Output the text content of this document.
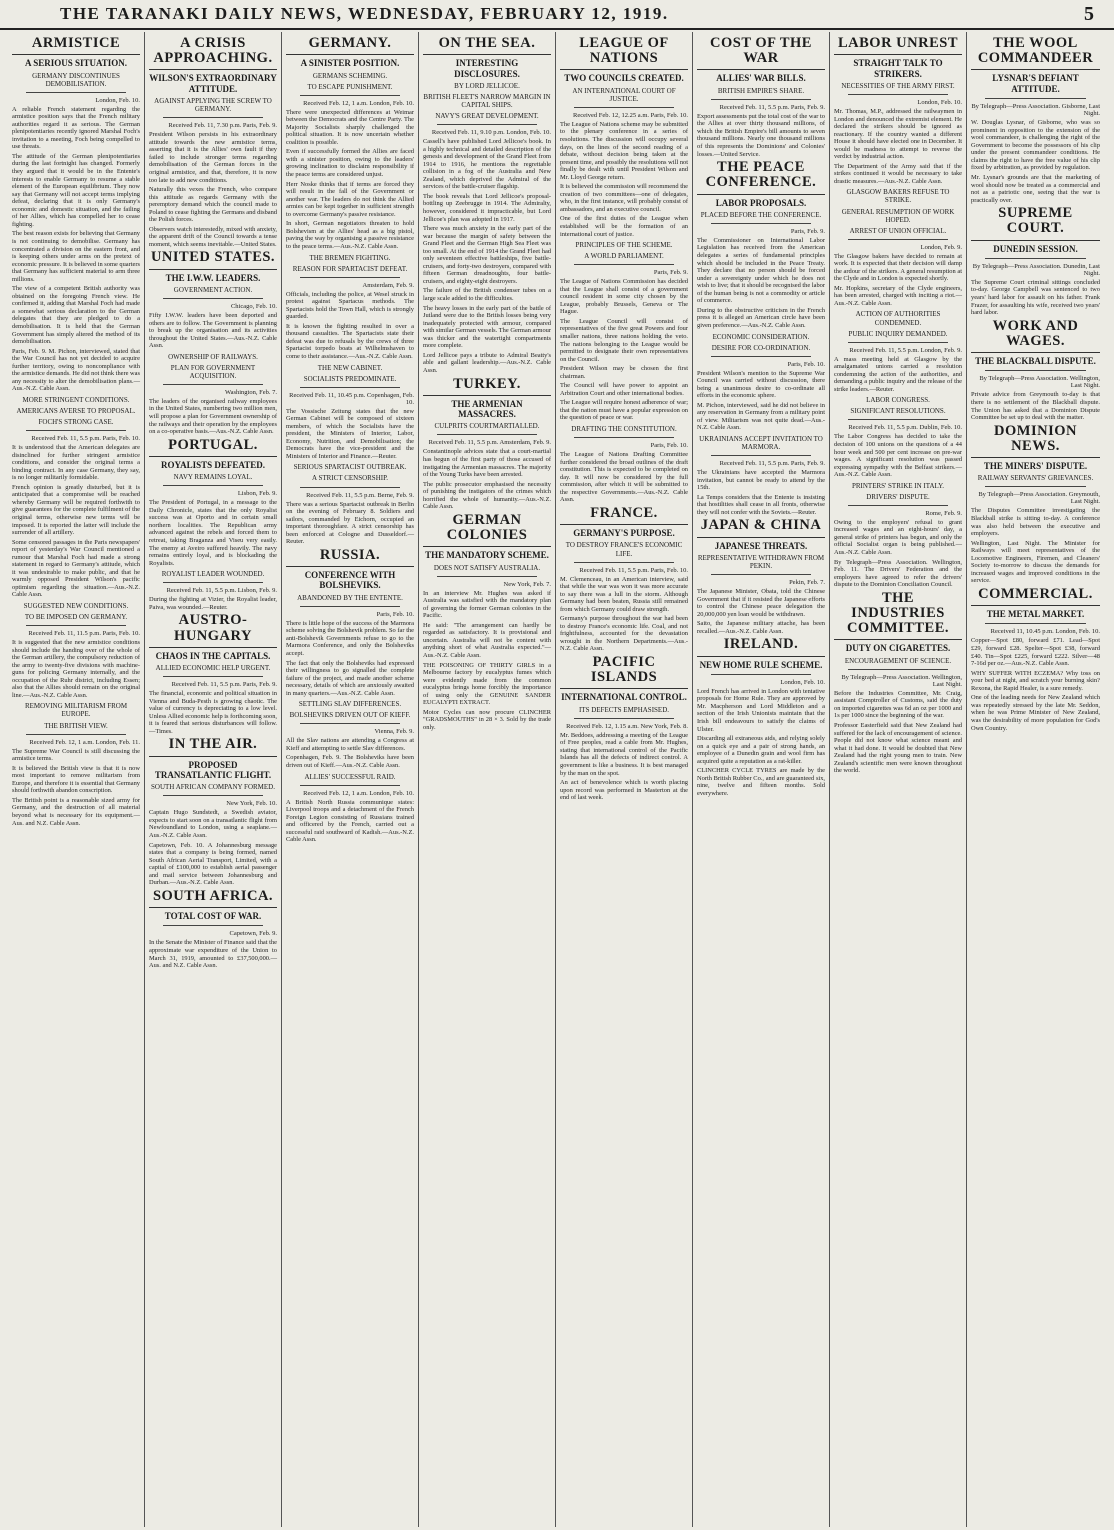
THE TARANAKI DAILY NEWS, WEDNESDAY, FEBRUARY 12, 1919.	5
ARMISTICE
A SERIOUS SITUATION.
GERMANY DISCONTINUES DEMOBILISATION.
London, Feb. 10.

A reliable French statement regarding the armistice position says that the French military authorities regard it as serious. The German plenipotentiaries recently ignored Marshal Foch's invitation to a meeting, Foch being compelled to use threats.

The attitude of the German plenipotentiaries during the last fortnight has changed. Formerly they argued that it would be in the Entente's interests to enable Germany to resume a stable element of the European equilibrium. They now say that Germany will not accept terms implying defeat, declaring that it is only Germany's economic and domestic situation, and the failing of her Allies, which has compelled her to cease fighting.

The best reason exists for believing that Germany is not continuing to demobilise. Germany has concentrated a division on the eastern front, and is keeping others under arms on the pretext of economic pressure. It is believed in some quarters that Germany has sufficient material to arm three millions.

The view of a competent British authority was obtained on the foregoing French view. He confirmed it, adding that Marshal Foch had made a somewhat serious declaration to the German delegates that they are pledged to do a demobilisation. It is held that the German Government has simply altered the method of its demobilisation.

Paris, Feb. 9. M. Pichon, interviewed, stated that the War Council has not yet decided to acquire further territory, owing to noncompliance with the armistice demands. He did not think there was any necessity to alter the demobilisation plans.—Aus.-N.Z. Cable Assn.

MORE STRINGENT CONDITIONS.
AMERICANS AVERSE TO PROPOSAL.
FOCH'S STRONG CASE.
Received Feb. 11, 5.5 p.m. Paris, Feb. 10.

It is understood that the American delegates are disinclined for further stringent armistice conditions, and consider the original terms a binding contract. In any case Germany, they say, is no longer militarily formidable.

French opinion is greatly disturbed, but it is anticipated that a compromise will be reached whereby Germany will be required forthwith to give guarantees for the complete fulfilment of the original terms, otherwise new terms will be imposed. It is reported the latter will include the surrender of all artillery.

Some censored passages in the Paris newspapers' report of yesterday's War Council mentioned a rumour that Marshal Foch had made a strong statement in regard to Germany's attitude, which it was undesirable to make public, and that he warmly opposed President Wilson's pacific optimism regarding the situation.—Aus.-N.Z. Cable Assn.

SUGGESTED NEW CONDITIONS.
TO BE IMPOSED ON GERMANY.
Received Feb. 11, 11.5 p.m. Paris, Feb. 10.

It is suggested that the new armistice conditions should include the handing over of the whole of the German artillery, the compulsory reduction of the army to twenty-five divisions with machine-guns for policing Germany internally, and the occupation of the Ruhr district, including Essen; also that the Allies should remain on the original line.—Aus.-N.Z. Cable Assn.

REMOVING MILITARISM FROM EUROPE.
THE BRITISH VIEW.
Received Feb. 12, 1 a.m. London, Feb. 11.

The Supreme War Council is still discussing the armistice terms.

It is believed the British view is that it is now most important to remove militarism from Europe, and therefore it is essential that Germany should forthwith abandon conscription.

The British point is a reasonable sized army for Germany, and the destruction of all material beyond what is necessary for its equipment.—Aus. and N.Z. Cable Assn.

A CRISIS APPROACHING.
WILSON'S EXTRAORDINARY ATTITUDE.
AGAINST APPLYING THE SCREW TO GERMANY.
Received Feb. 11, 7.30 p.m. Paris, Feb. 9.

President Wilson persists in his extraordinary attitude towards the new armistice terms, asserting that it is the Allies' own fault if they failed to include stronger terms regarding demobilisation of the German forces in the original armistice, and that, therefore, it is now too late to add new conditions.

Naturally this vexes the French, who compare this attitude as regards Germany with the peremptory demand which the council made to Poland to cease fighting the Germans and disband the Polish forces.

Observers watch interestedly, mixed with anxiety, the apparent drift of the Council towards a tense moment, which seems inevitable.—United States.

UNITED STATES.
THE I.W.W. LEADERS.
GOVERNMENT ACTION.
Chicago, Feb. 10.

Fifty I.W.W. leaders have been deported and others are to follow. The Government is planning to break up the organisation and its activities throughout the United States.—Aus.-N.Z. Cable Assn.

OWNERSHIP OF RAILWAYS.
PLAN FOR GOVERNMENT ACQUISITION.
Washington, Feb. 7.

The leaders of the organised railway employees in the United States, numbering two million men, will propose a plan for Government ownership of the railways and their operation by the employees on a co-operative basis.—Aus.-N.Z. Cable Assn.

PORTUGAL.
ROYALISTS DEFEATED.
NAVY REMAINS LOYAL.
Lisbon, Feb. 9.

The President of Portugal, in a message to the Daily Chronicle, states that the only Royalist success was at Oporto and in certain small northern localities. The Republican army advanced against the rebels and forced them to retreat, taking Braganza and Viseu very easily. The enemy at Aveiro suffered heavily. The navy remains entirely loyal, and is blockading the Royalists.

ROYALIST LEADER WOUNDED.
Received Feb. 11, 5.5 p.m. Lisbon, Feb. 9.

During the fighting at Vizier, the Royalist leader, Paiva, was wounded.—Reuter.

AUSTRO-HUNGARY
CHAOS IN THE CAPITALS.
ALLIED ECONOMIC HELP URGENT.
Received Feb. 11, 5.5 p.m. Paris, Feb. 9.

The financial, economic and political situation in Vienna and Buda-Pesth is growing chaotic. The value of currency is depreciating to a low level. Unless Allied economic help is forthcoming soon, it is feared that serious disturbances will follow.—Times.

IN THE AIR.
PROPOSED TRANSATLANTIC FLIGHT.
SOUTH AFRICAN COMPANY FORMED.
New York, Feb. 10.

Captain Hugo Sundstedt, a Swedish aviator, expects to start soon on a transatlantic flight from Newfoundland to London, using a seaplane.—Aus.-N.Z. Cable Assn.

Capetown, Feb. 10. A Johannesburg message states that a company is being formed, named South African Aerial Transport, Limited, with a capital of £100,000 to establish aerial passenger and mail service between Johannesburg and Durban.—Aus.-N.Z. Cable Assn.

SOUTH AFRICA.
TOTAL COST OF WAR.
Capetown, Feb. 9.

In the Senate the Minister of Finance said that the approximate war expenditure of the Union to March 31, 1919, amounted to £37,500,000.—Aus. and N.Z. Cable Assn.

GERMANY.
A SINISTER POSITION.
GERMANS SCHEMING.
TO ESCAPE PUNISHMENT.
Received Feb. 12, 1 a.m. London, Feb. 10.

There were unexpected differences at Weimar between the Democrats and the Centre Party. The Majority Socialists sharply challenged the political situation. It is now uncertain whether coalition is possible.

Even if successfully formed the Allies are faced with a sinister position, owing to the leaders' growing inclination to disclaim responsibility if the peace terms are considered unjust.

Herr Noske thinks that if terms are forced they will result in the fall of the Government or another war. The leaders do not think the Allied armies can be kept together in sufficient strength to overcome Germany's passive resistance.

In short, German negotiators threaten to hold Bolshevism at the Allies' head as a big pistol, paving the way by organising a passive resistance to the peace terms.—Aus.-N.Z. Cable Assn.

THE BREMEN FIGHTING.
REASON FOR SPARTACIST DEFEAT.
Amsterdam, Feb. 9.

Officials, including the police, at Wesel struck in protest against Spartacus methods. The Spartacists hold the Town Hall, which is strongly guarded.

It is known the fighting resulted in over a thousand casualties. The Spartacists state their defeat was due to refusals by the crews of three Spartacist torpedo boats at Wilhelmshaven to come to their assistance.—Aus.-N.Z. Cable Assn.

THE NEW CABINET.
SOCIALISTS PREDOMINATE.
Received Feb. 11, 10.45 p.m. Copenhagen, Feb. 10.

The Vossische Zeitung states that the new German Cabinet will be composed of sixteen members, of which the Socialists have the president, the Ministers of Interior, Labor, Economy, Nutrition, and Demobilisation; the Democrats have the vice-president and the Ministers of Interior and Finance.—Reuter.

SERIOUS SPARTACIST OUTBREAK.
A STRICT CENSORSHIP.
Received Feb. 11, 5.5 p.m. Berne, Feb. 9.

There was a serious Spartacist outbreak in Berlin on the evening of February 8. Soldiers and sailors, commanded by Eichorn, occupied an important thoroughfare. A strict censorship has been enforced at Cologne and Dusseldorf.—Reuter.

RUSSIA.
CONFERENCE WITH BOLSHEVIKS.
ABANDONED BY THE ENTENTE.
Paris, Feb. 10.

There is little hope of the success of the Marmora scheme solving the Bolshevik problem. So far the anti-Bolshevik Governments refuse to go to the Marmora Conference, and only the Bolsheviks accept.

The fact that only the Bolsheviks had expressed their willingness to go signalled the complete failure of the project, and made another scheme necessary, details of which are anxiously awaited in many quarters.—Aus.-N.Z. Cable Assn.

SETTLING SLAV DIFFERENCES.
BOLSHEVIKS DRIVEN OUT OF KIEFF.
Vienna, Feb. 9.

All the Slav nations are attending a Congress at Kieff and attempting to settle Slav differences.

Copenhagen, Feb. 9. The Bolsheviks have been driven out of Kieff.—Aus.-N.Z. Cable Assn.

ALLIES' SUCCESSFUL RAID.
Received Feb. 12, 1 a.m. London, Feb. 10.

A British North Russia communique states: Liverpool troops and a detachment of the French Foreign Legion consisting of Russians trained and officered by the French, carried out a successful raid southward of Kadish.—Aus.-N.Z. Cable Assn.

ON THE SEA.
INTERESTING DISCLOSURES.
BY LORD JELLICOE.
BRITISH FLEET'S NARROW MARGIN IN CAPITAL SHIPS.
NAVY'S GREAT DEVELOPMENT.
Received Feb. 11, 9.10 p.m. London, Feb. 10.

Cassell's have published Lord Jellicoe's book. In a highly technical and detailed description of the genesis and development of the Grand Fleet from 1914 to 1916, he mentions the regrettable collision in a fog of the Australia and New Zealand, which deprived the Admiral of the services of the battle-cruiser flagship.

The book reveals that Lord Jellicoe's proposal-bottling up Zeebrugge in 1914. The Admiralty, however, considered it impracticable, but Lord Jellicoe's plan was adopted in 1917.

There was much anxiety in the early part of the war because the margin of safety between the Grand Fleet and the German High Sea Fleet was too small. At the end of 1914 the Grand Fleet had only seventeen effective battleships, five battle-cruisers, and forty-two destroyers, compared with fifteen German dreadnoughts, four battle-cruisers, and eighty-eight destroyers.

The failure of the British condenser tubes on a large scale added to the difficulties.

The heavy losses in the early part of the battle of Jutland were due to the British losses being very inadequately protected with armour, compared with similar German vessels. The German armour was thicker and the watertight compartments more complete.

Lord Jellicoe pays a tribute to Admiral Beatty's able and gallant leadership.—Aus.-N.Z. Cable Assn.

TURKEY.
THE ARMENIAN MASSACRES.
CULPRITS COURTMARTIALLED.
Received Feb. 11, 5.5 p.m. Amsterdam, Feb. 9.

Constantinople advices state that a court-martial has begun of the first party of those accused of instigating the Armenian massacres. The majority of the Young Turks have been arrested.

The public prosecutor emphasised the necessity of punishing the instigators of the crimes which horrified the whole of humanity.—Aus.-N.Z. Cable Assn.

GERMAN COLONIES
THE MANDATORY SCHEME.
DOES NOT SATISFY AUSTRALIA.
New York, Feb. 7.

In an interview Mr. Hughes was asked if Australia was satisfied with the mandatory plan of governing the former German colonies in the Pacific.

He said: "The arrangement can hardly be regarded as satisfactory. It is provisional and uncertain. Australia will not be content with anything short of what Australia expected."—Aus.-N.Z. Cable Assn.

THE POISONING OF THIRTY GIRLS in a Melbourne factory by eucalyptus fumes which were evidently made from the common eucalyptus brings home forcibly the importance of using only the GENUINE SANDER EUCALYPTI EXTRACT.

Motor Cycles can now procure CLINCHER "GRADSMOUTHS" in 28 × 3. Sold by the trade only.

LEAGUE OF NATIONS
TWO COUNCILS CREATED.
AN INTERNATIONAL COURT OF JUSTICE.
Received Feb. 12, 12.25 a.m. Paris, Feb. 10.

The League of Nations scheme may be submitted to the plenary conference in a series of resolutions. The discussion will occupy several days, on the lines of the second reading of a debate, without decision being taken at the present time, and possibly the resolutions will not finally be dealt with until President Wilson and Mr. Lloyd George return.

It is believed the commission will recommend the creation of two committees—one of delegates, who, in the first instance, will probably consist of ambassadors, and an executive council.

One of the first duties of the League when established will be the formation of an international court of justice.

PRINCIPLES OF THE SCHEME.
A WORLD PARLIAMENT.
Paris, Feb. 9.

The League of Nations Commission has decided that the League shall consist of a government council resident in some city chosen by the League, probably Brussels, Geneva or The Hague.

The League Council will consist of representatives of the five great Powers and four smaller nations, three nations holding the veto. The nations belonging to the League would be permitted to designate their own representatives on the Council.

President Wilson may be chosen the first chairman.

The Council will have power to appoint an Arbitration Court and other international bodies.

The League will require honest adherence of war; that the nation must have a popular expression on the question of peace or war.

DRAFTING THE CONSTITUTION.
Paris, Feb. 10.

The League of Nations Drafting Committee further considered the broad outlines of the draft constitution. This is expected to be completed on day. It will now be considered by the full commission, after which it will be submitted to the respective Governments.—Aus.-N.Z. Cable Assn.

FRANCE.
GERMANY'S PURPOSE.
TO DESTROY FRANCE'S ECONOMIC LIFE.
Received Feb. 11, 5.5 p.m. Paris, Feb. 10.

M. Clemenceau, in an American interview, said that while the war was won it was more accurate to say there was a lull in the storm. Although Germany had been beaten, Russia still remained from which Germany could draw strength.

Germany's purpose throughout the war had been to destroy France's economic life. Coal, and not frightfulness, accounted for the devastation wrought in the Northern Departments.—Aus.-N.Z. Cable Assn.

PACIFIC ISLANDS
INTERNATIONAL CONTROL.
ITS DEFECTS EMPHASISED.
Received Feb. 12, 1.15 a.m. New York, Feb. 8.

Mr. Beddoes, addressing a meeting of the League of Free peoples, read a cable from Mr. Hughes, stating that international control of the Pacific Islands has all the defects of indirect control. A government is like a business. It is best managed by the man on the spot.

An act of benevolence which is worth placing upon record was performed in Masterton at the end of last week.

COST OF THE WAR
ALLIES' WAR BILLS.
BRITISH EMPIRE'S SHARE.
Received Feb. 11, 5.5 p.m. Paris, Feb. 9.

Export assessments put the total cost of the war to the Allies at over thirty thousand millions, of which the British Empire's bill amounts to seven thousand millions. Nearly one thousand millions of this represents the Dominions' and Colonies' losses.—United Service.

THE PEACE CONFERENCE.
LABOR PROPOSALS.
PLACED BEFORE THE CONFERENCE.
Paris, Feb. 9.

The Commissioner on International Labor Legislation has received from the American delegates a series of fundamental principles which should be included in the Peace Treaty. They declare that no person should be forced under a sovereignty under which he does not wish to live; that it should be recognised the labor of the human being is not a commodity or article of commerce.

During to the obstructive criticism in the French press it is alleged an American circle have been given preference.—Aus.-N.Z. Cable Assn.

ECONOMIC CONSIDERATION.
DESIRE FOR CO-ORDINATION.
Paris, Feb. 10.

President Wilson's mention to the Supreme War Council was carried without discussion, there being a unanimous desire to co-ordinate all efforts in the economic sphere.

M. Pichon, interviewed, said he did not believe in any reservation in Germany from a military point of view. Militarism was not quite dead.—Aus.-N.Z. Cable Assn.

UKRAINIANS ACCEPT INVITATION TO MARMORA.
Received Feb. 11, 5.5 p.m. Paris, Feb. 9.

The Ukrainians have accepted the Marmora invitation, but cannot be ready to attend by the 15th.

La Temps considers that the Entente is insisting that hostilities shall cease in all fronts, otherwise they will not confer with the Soviets.—Reuter.

JAPAN & CHINA
JAPANESE THREATS.
REPRESENTATIVE WITHDRAWN FROM PEKIN.
Pekin, Feb. 7.

The Japanese Minister, Obata, told the Chinese Government that if it resisted the Japanese efforts to control the Chinese peace delegation the 20,000,000 yen loan would be withdrawn.

Saito, the Japanese military attache, has been recalled.—Aus.-N.Z. Cable Assn.

IRELAND.
NEW HOME RULE SCHEME.
London, Feb. 10.

Lord French has arrived in London with tentative proposals for Home Rule. They are approved by Mr. Macpherson and Lord Middleton and a section of the Irish Unionists maintain that the Irish bill endeavours to satisfy the claims of Ulster.

Discarding all extraneous aids, and relying solely on a quick eye and a pair of strong hands, an employee of a Dunedin grain and wool firm has acquired quite a reputation as a rat-killer.

CLINCHER CYCLE TYRES are made by the North British Rubber Co., and are guaranteed six, nine, twelve and fifteen months. Sold everywhere.

LABOR UNREST
STRAIGHT TALK TO STRIKERS.
NECESSITIES OF THE ARMY FIRST.
London, Feb. 10.

Mr. Thomas, M.P., addressed the railwaymen in London and denounced the extremist element. He declared the strikers should be ignored as reactionary. If the country wanted a different House it should have elected one in December. It would be madness to attempt to reverse the verdict by industrial action.

The Department of the Army said that if the strikes continued it would be necessary to take drastic measures.—Aus.-N.Z. Cable Assn.

GLASGOW BAKERS REFUSE TO STRIKE.
GENERAL RESUMPTION OF WORK HOPED.
ARREST OF UNION OFFICIAL.
London, Feb. 9.

The Glasgow bakers have decided to remain at work. It is expected that their decision will damp the ardour of the strikers. A general resumption at the Clyde and in London is expected shortly.

Mr. Hopkins, secretary of the Clyde engineers, has been arrested, charged with inciting a riot.—Aus.-N.Z. Cable Assn.

ACTION OF AUTHORITIES CONDEMNED.
PUBLIC INQUIRY DEMANDED.
Received Feb. 11, 5.5 p.m. London, Feb. 9.

A mass meeting held at Glasgow by the amalgamated unions carried a resolution condemning the action of the authorities, and demanding a public inquiry and the release of the strike leaders.—Reuter.

LABOR CONGRESS.
SIGNIFICANT RESOLUTIONS.
Received Feb. 11, 5.5 p.m. Dublin, Feb. 10.

The Labor Congress has decided to take the decision of 100 unions on the questions of a 44 hour week and 500 per cent increase on pre-war wages. A significant resolution was passed expressing sympathy with the Belfast strikers.—Aus.-N.Z. Cable Assn.

PRINTERS' STRIKE IN ITALY.
DRIVERS' DISPUTE.
Rome, Feb. 9.

Owing to the employers' refusal to grant increased wages and an eight-hours' day, a general strike of printers has begun, and only the official Socialist organ is being published.—Aus.-N.Z. Cable Assn.

By Telegraph—Press Association. Wellington, Feb. 11. The Drivers' Federation and the employers have agreed to refer the drivers' dispute to the Dominion Conciliation Council.

THE INDUSTRIES COMMITTEE.
DUTY ON CIGARETTES.
ENCOURAGEMENT OF SCIENCE.
By Telegraph—Press Association. Wellington, Last Night.

Before the Industries Committee, Mr. Craig, assistant Comptroller of Customs, said the duty on imported cigarettes was 6d an oz per 1000 and 1s per 1000 since the beginning of the war.

Professor Easterfield said that New Zealand had suffered for the lack of encouragement of science. People did not know what science meant and what it had done. It would be doubted that New Zealand had the right young men to train. New Zealand's scientific men were known throughout the world.

THE WOOL COMMANDEER
LYSNAR'S DEFIANT ATTITUDE.
By Telegraph—Press Association. Gisborne, Last Night.

W. Douglas Lysnar, of Gisborne, who was so prominent in opposition to the extension of the wool commandeer, is challenging the right of the Government to become the possessors of his clip under the present commandeer conditions. He claims the right to have the free value of his clip fixed by arbitration, as provided by regulation.

Mr. Lysnar's grounds are that the marketing of wool should now be treated as a commercial and not as a patriotic one, seeing that the war is practically over.

SUPREME COURT.
DUNEDIN SESSION.
By Telegraph—Press Association. Dunedin, Last Night.

The Supreme Court criminal sittings concluded to-day. George Campbell was sentenced to two years' hard labor for assault on his father. Frank Frazer, for assaulting his wife, received two years' hard labor.

WORK AND WAGES.
THE BLACKBALL DISPUTE.
By Telegraph—Press Association. Wellington, Last Night.

Private advice from Greymouth to-day is that there is no settlement of the Blackball dispute. The Union has asked that a Dominion Dispute Committee be set up to deal with the matter.

DOMINION NEWS.
THE MINERS' DISPUTE.
RAILWAY SERVANTS' GRIEVANCES.
By Telegraph—Press Association. Greymouth, Last Night.

The Disputes Committee investigating the Blackball strike is sitting to-day. A conference was also held between the executive and employers.

Wellington, Last Night. The Minister for Railways will meet representatives of the Locomotive Engineers, Firemen, and Cleaners' Society to-morrow to discuss the demands for increased wages and improved conditions in the service.

COMMERCIAL.
THE METAL MARKET.
Received 11, 10.45 p.m. London, Feb. 10.

Copper—Spot £80, forward £71. Lead—Spot £29, forward £28. Spelter—Spot £38, forward £40. Tin—Spot £225, forward £222. Silver—48 7-16d per oz.—Aus.-N.Z. Cable Assn.

WHY SUFFER WITH ECZEMA? Why toss on your bed at night, and scratch your burning skin? Rexona, the Rapid Healer, is a sure remedy.

One of the leading needs for New Zealand which was repeatedly stressed by the late Mr. Seddon, when he was Prime Minister of New Zealand, was the desirability of more population for God's Own Country.
